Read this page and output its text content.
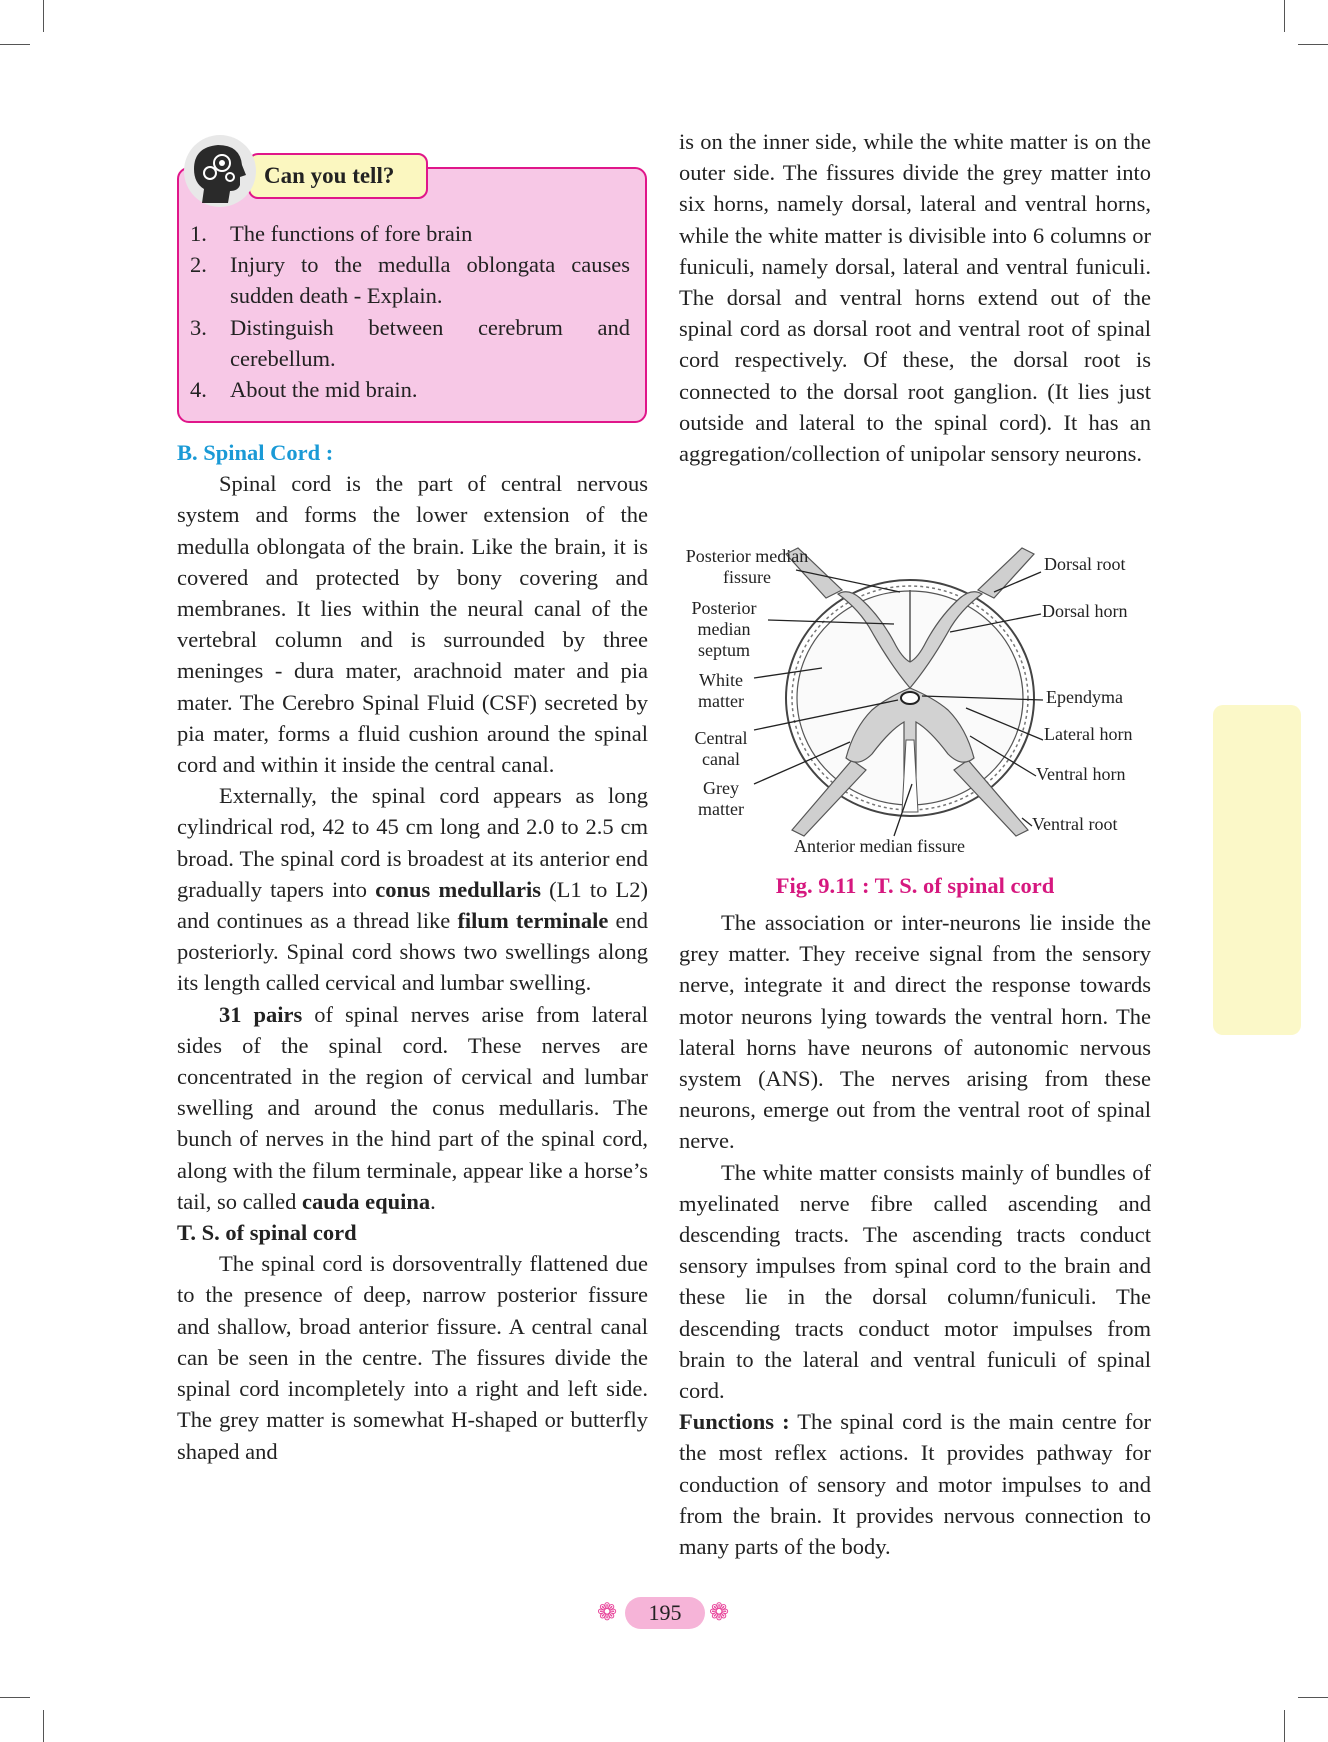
Can you tell?
1. The functions of fore brain
2. Injury to the medulla oblongata causes sudden death - Explain.
3. Distinguish between cerebrum and cerebellum.
4. About the mid brain.

B. Spinal Cord :

Spinal cord is the part of central nervous system and forms the lower extension of the medulla oblongata of the brain. Like the brain, it is covered and protected by bony covering and membranes. It lies within the neural canal of the vertebral column and is surrounded by three meninges - dura mater, arachnoid mater and pia mater. The Cerebro Spinal Fluid (CSF) secreted by pia mater, forms a fluid cushion around the spinal cord and within it inside the central canal.

Externally, the spinal cord appears as long cylindrical rod, 42 to 45 cm long and 2.0 to 2.5 cm broad. The spinal cord is broadest at its anterior end gradually tapers into conus medullaris (L1 to L2) and continues as a thread like filum terminale end posteriorly. Spinal cord shows two swellings along its length called cervical and lumbar swelling.

31 pairs of spinal nerves arise from lateral sides of the spinal cord. These nerves are concentrated in the region of cervical and lumbar swelling and around the conus medullaris. The bunch of nerves in the hind part of the spinal cord, along with the filum terminale, appear like a horse’s tail, so called cauda equina.

T. S. of spinal cord

The spinal cord is dorsoventrally flattened due to the presence of deep, narrow posterior fissure and shallow, broad anterior fissure. A central canal can be seen in the centre. The fissures divide the spinal cord incompletely into a right and left side. The grey matter is somewhat H-shaped or butterfly shaped and

is on the inner side, while the white matter is on the outer side. The fissures divide the grey matter into six horns, namely dorsal, lateral and ventral horns, while the white matter is divisible into 6 columns or funiculi, namely dorsal, lateral and ventral funiculi. The dorsal and ventral horns extend out of the spinal cord as dorsal root and ventral root of spinal cord respectively. Of these, the dorsal root is connected to the dorsal root ganglion. (It lies just outside and lateral to the spinal cord). It has an aggregation/collection of unipolar sensory neurons.

Posterior median fissure
Posterior median septum
White matter
Central canal
Grey matter
Dorsal root
Dorsal horn
Ependyma
Lateral horn
Ventral horn
Ventral root
Anterior median fissure
Fig. 9.11 : T. S. of spinal cord

The association or inter-neurons lie inside the grey matter. They receive signal from the sensory nerve, integrate it and direct the response towards motor neurons lying towards the ventral horn. The lateral horns have neurons of autonomic nervous system (ANS). The nerves arising from these neurons, emerge out from the ventral root of spinal nerve.

The white matter consists mainly of bundles of myelinated nerve fibre called ascending and descending tracts. The ascending tracts conduct sensory impulses from spinal cord to the brain and these lie in the dorsal column/funiculi. The descending tracts conduct motor impulses from brain to the lateral and ventral funiculi of spinal cord.

Functions : The spinal cord is the main centre for the most reflex actions. It provides pathway for conduction of sensory and motor impulses to and from the brain. It provides nervous connection to many parts of the body.

❁	195	❁
